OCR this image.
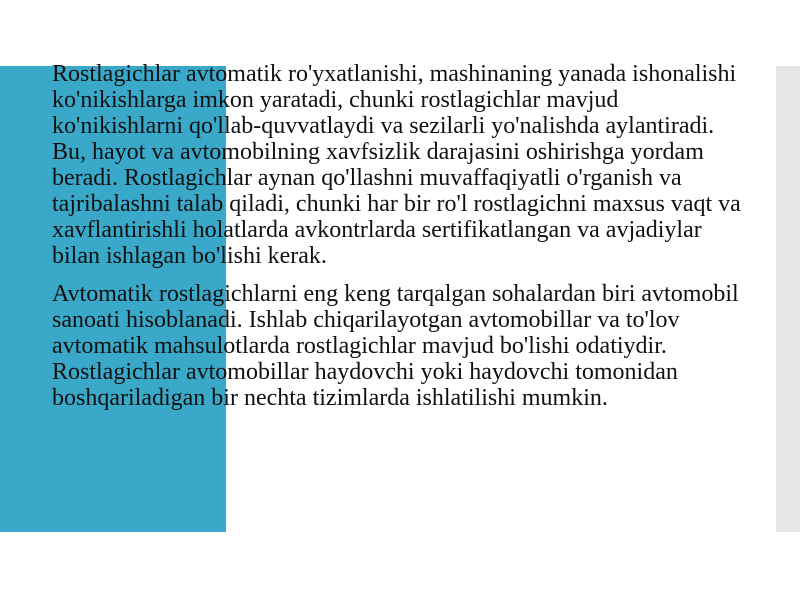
Rostlagichlar avtomatik ro'yxatlanishi, mashinaning yanada ishonalishi ko'nikishlarga imkon yaratadi, chunki rostlagichlar mavjud ko'nikishlarni qo'llab-quvvatlaydi va sezilarli yo'nalishda aylantiradi. Bu, hayot va avtomobilning xavfsizlik darajasini oshirishga yordam beradi. Rostlagichlar aynan qo'llashni muvaffaqiyatli o'rganish va tajribalashni talab qiladi, chunki har bir ro'l rostlagichni maxsus vaqt va xavflantirishli holatlarda avkontrlarda sertifikatlangan va avjadiylar bilan ishlagan bo'lishi kerak.

Avtomatik rostlagichlarni eng keng tarqalgan sohalardan biri avtomobil sanoati hisoblanadi. Ishlab chiqarilayotgan avtomobillar va to'lov avtomatik mahsulotlarda rostlagichlar mavjud bo'lishi odatiydir. Rostlagichlar avtomobillar haydovchi yoki haydovchi tomonidan boshqariladigan bir nechta tizimlarda ishlatilishi mumkin.
